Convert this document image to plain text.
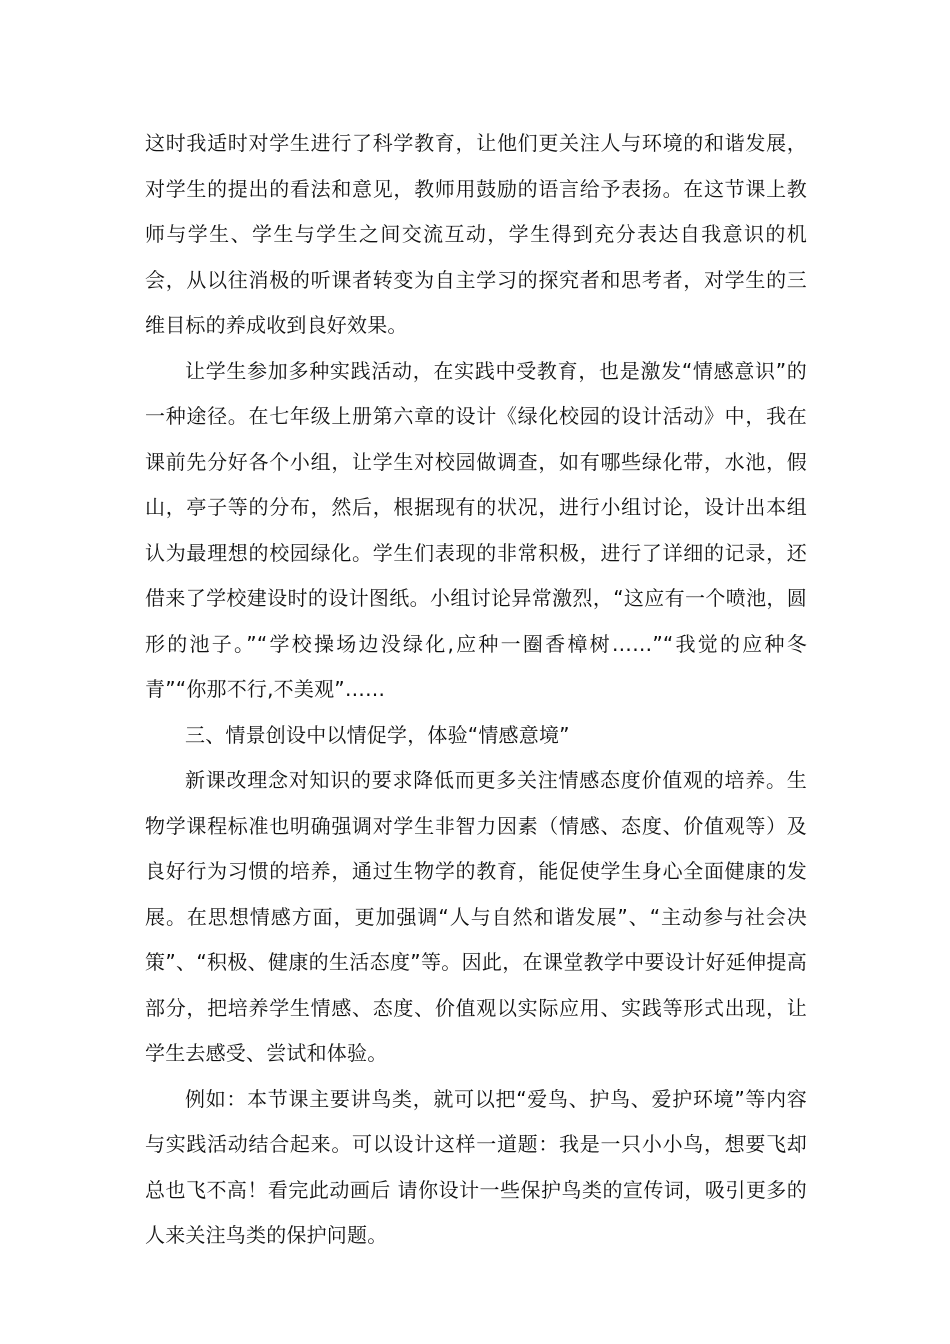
这时我适时对学生进行了科学教育，让他们更关注人与环境的和谐发展，对学生的提出的看法和意见，教师用鼓励的语言给予表扬。在这节课上教师与学生、学生与学生之间交流互动，学生得到充分表达自我意识的机会，从以往消极的听课者转变为自主学习的探究者和思考者，对学生的三维目标的养成收到良好效果。

让学生参加多种实践活动，在实践中受教育，也是激发“情感意识”的一种途径。在七年级上册第六章的设计《绿化校园的设计活动》中，我在课前先分好各个小组，让学生对校园做调查，如有哪些绿化带，水池，假山，亭子等的分布，然后，根据现有的状况，进行小组讨论，设计出本组认为最理想的校园绿化。学生们表现的非常积极，进行了详细的记录，还借来了学校建设时的设计图纸。小组讨论异常激烈，“这应有一个喷池，圆形的池子。”“学校操场边没绿化,应种一圈香樟树……”“我觉的应种冬青”“你那不行,不美观”……

三、情景创设中以情促学，体验“情感意境”

新课改理念对知识的要求降低而更多关注情感态度价值观的培养。生物学课程标准也明确强调对学生非智力因素（情感、态度、价值观等）及良好行为习惯的培养，通过生物学的教育，能促使学生身心全面健康的发展。在思想情感方面，更加强调“人与自然和谐发展”、“主动参与社会决策”、“积极、健康的生活态度”等。因此，在课堂教学中要设计好延伸提高部分，把培养学生情感、态度、价值观以实际应用、实践等形式出现，让学生去感受、尝试和体验。

例如：本节课主要讲鸟类，就可以把“爱鸟、护鸟、爱护环境”等内容与实践活动结合起来。可以设计这样一道题：我是一只小小鸟，想要飞却总也飞不高！看完此动画后 请你设计一些保护鸟类的宣传词，吸引更多的人来关注鸟类的保护问题。
